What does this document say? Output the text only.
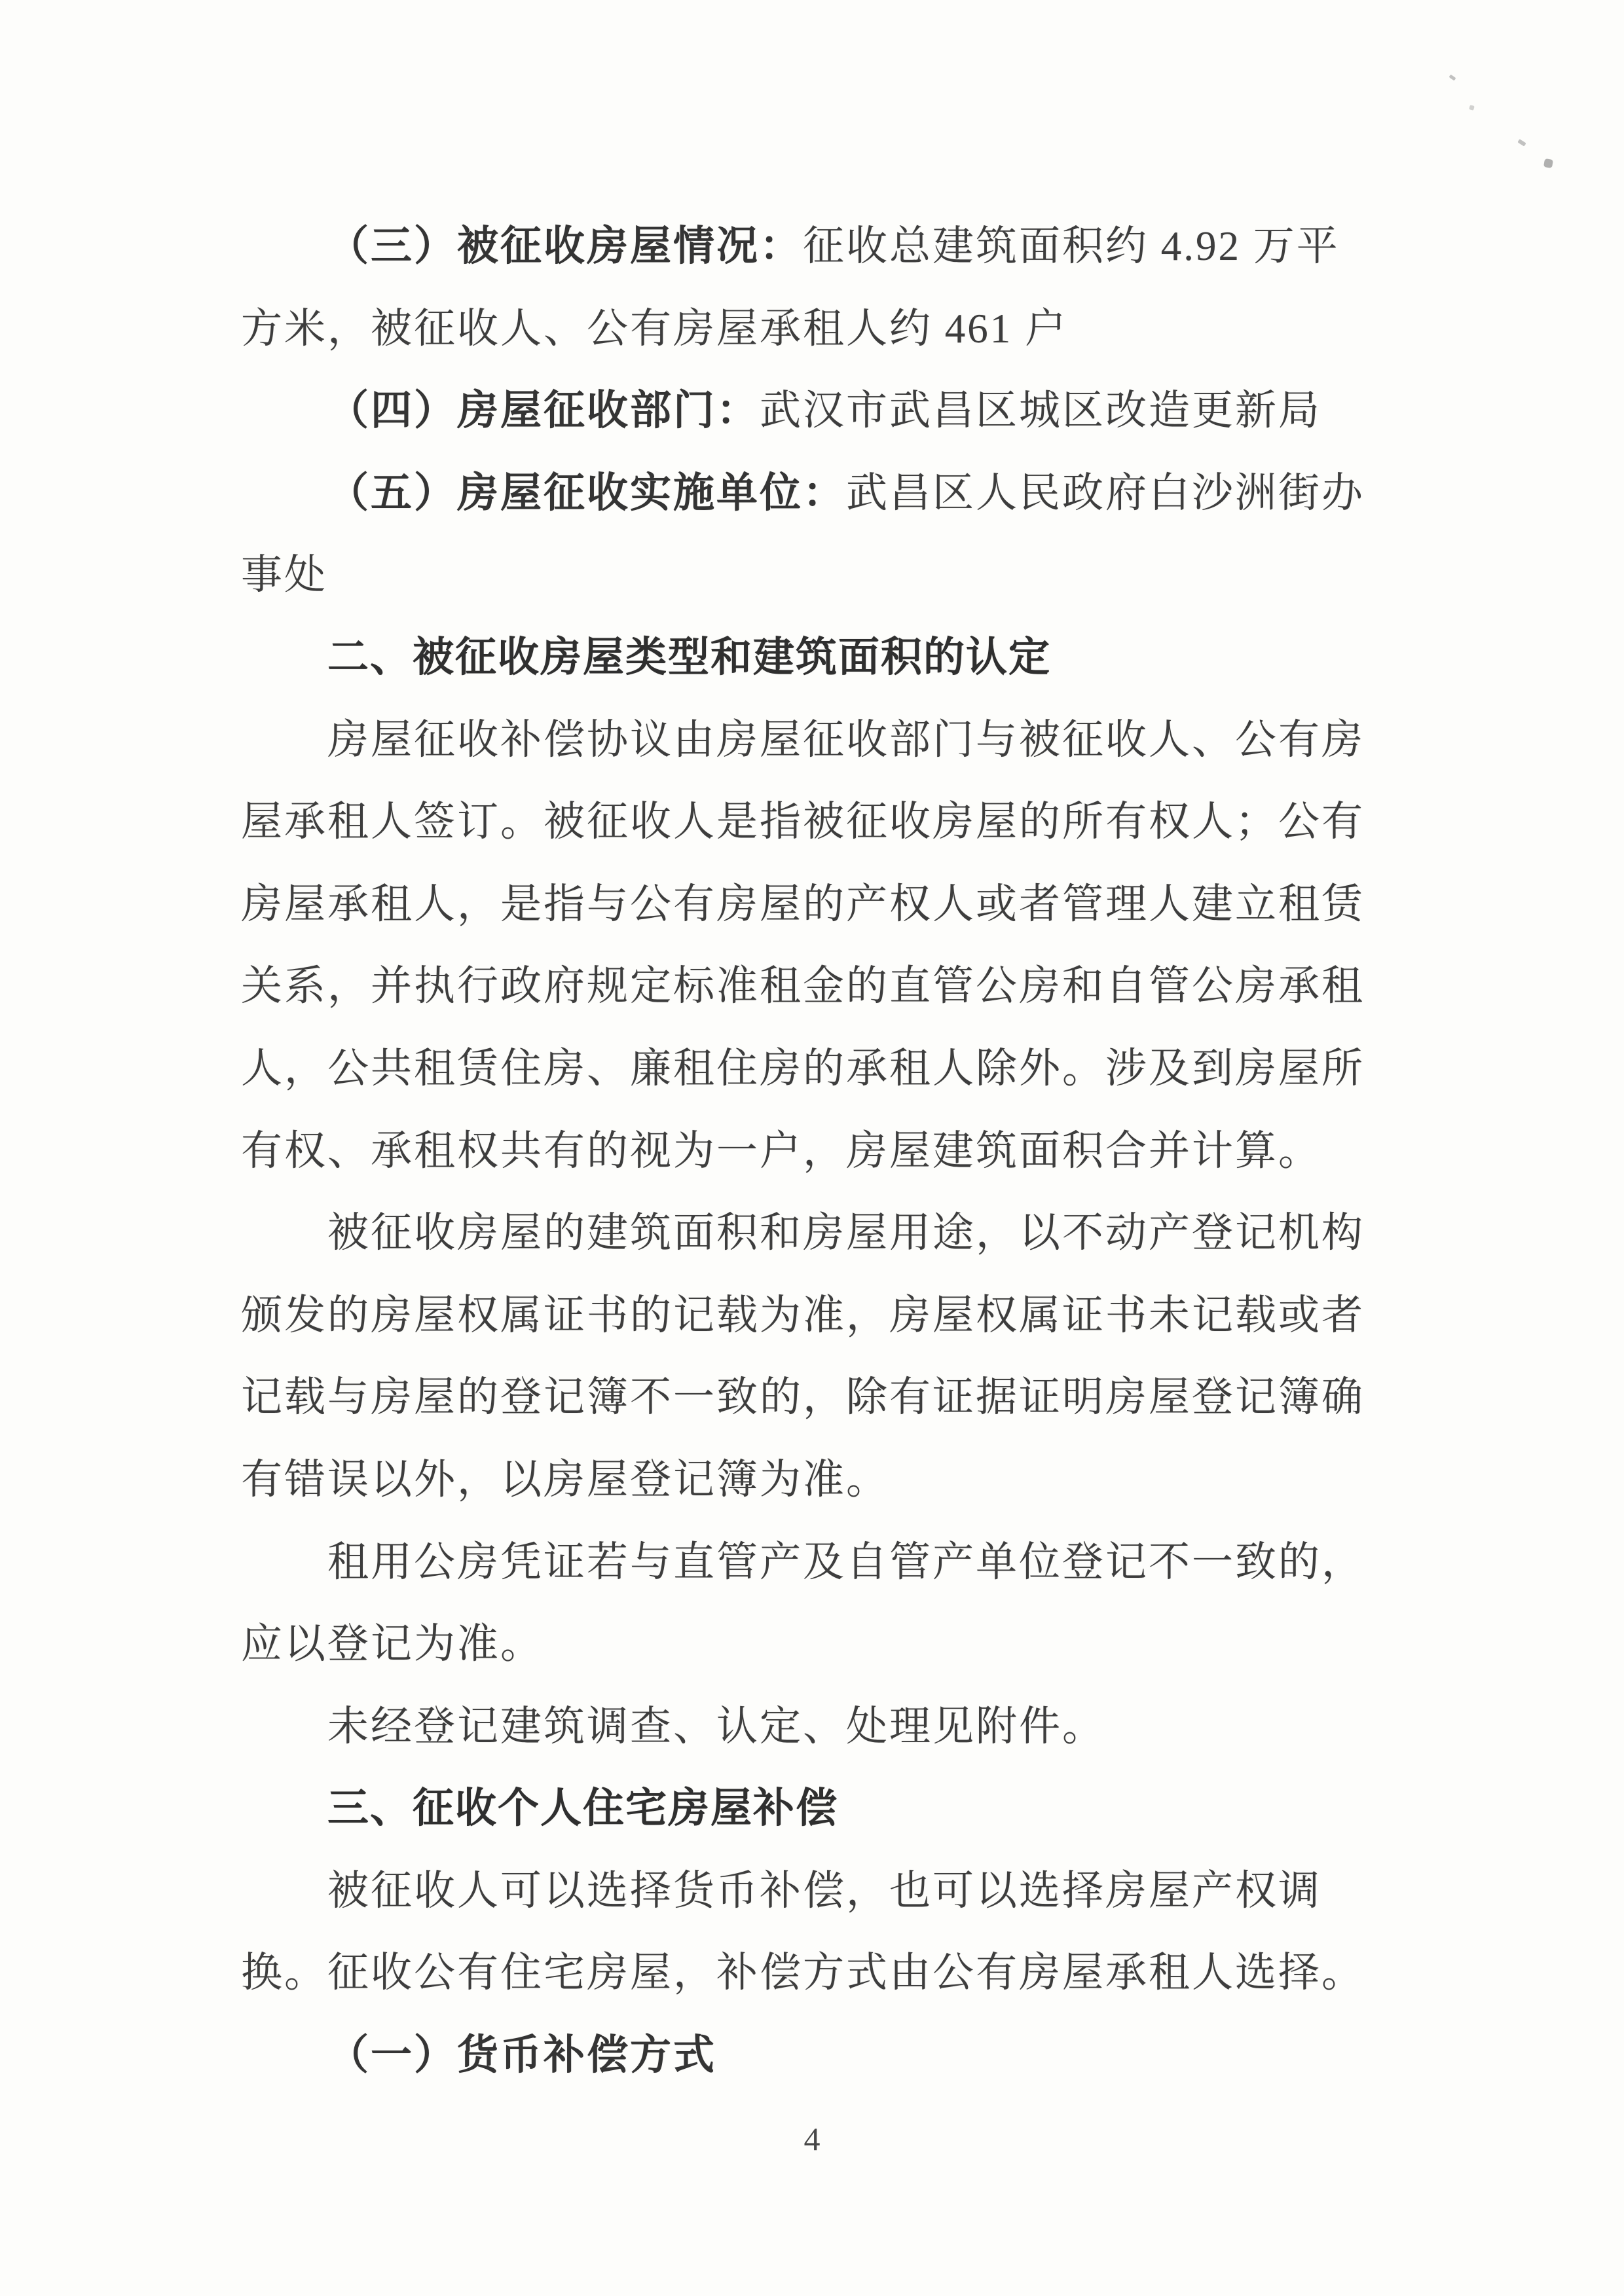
（三）被征收房屋情况：征收总建筑面积约 4.92 万平
方米，被征收人、公有房屋承租人约 461 户
（四）房屋征收部门：武汉市武昌区城区改造更新局
（五）房屋征收实施单位：武昌区人民政府白沙洲街办
事处
二、被征收房屋类型和建筑面积的认定
房屋征收补偿协议由房屋征收部门与被征收人、公有房
屋承租人签订。被征收人是指被征收房屋的所有权人；公有
房屋承租人，是指与公有房屋的产权人或者管理人建立租赁
关系，并执行政府规定标准租金的直管公房和自管公房承租
人，公共租赁住房、廉租住房的承租人除外。涉及到房屋所
有权、承租权共有的视为一户，房屋建筑面积合并计算。
被征收房屋的建筑面积和房屋用途，以不动产登记机构
颁发的房屋权属证书的记载为准，房屋权属证书未记载或者
记载与房屋的登记簿不一致的，除有证据证明房屋登记簿确
有错误以外，以房屋登记簿为准。
租用公房凭证若与直管产及自管产单位登记不一致的，
应以登记为准。
未经登记建筑调查、认定、处理见附件。
三、征收个人住宅房屋补偿
被征收人可以选择货币补偿，也可以选择房屋产权调
换。征收公有住宅房屋，补偿方式由公有房屋承租人选择。
（一）货币补偿方式
4
